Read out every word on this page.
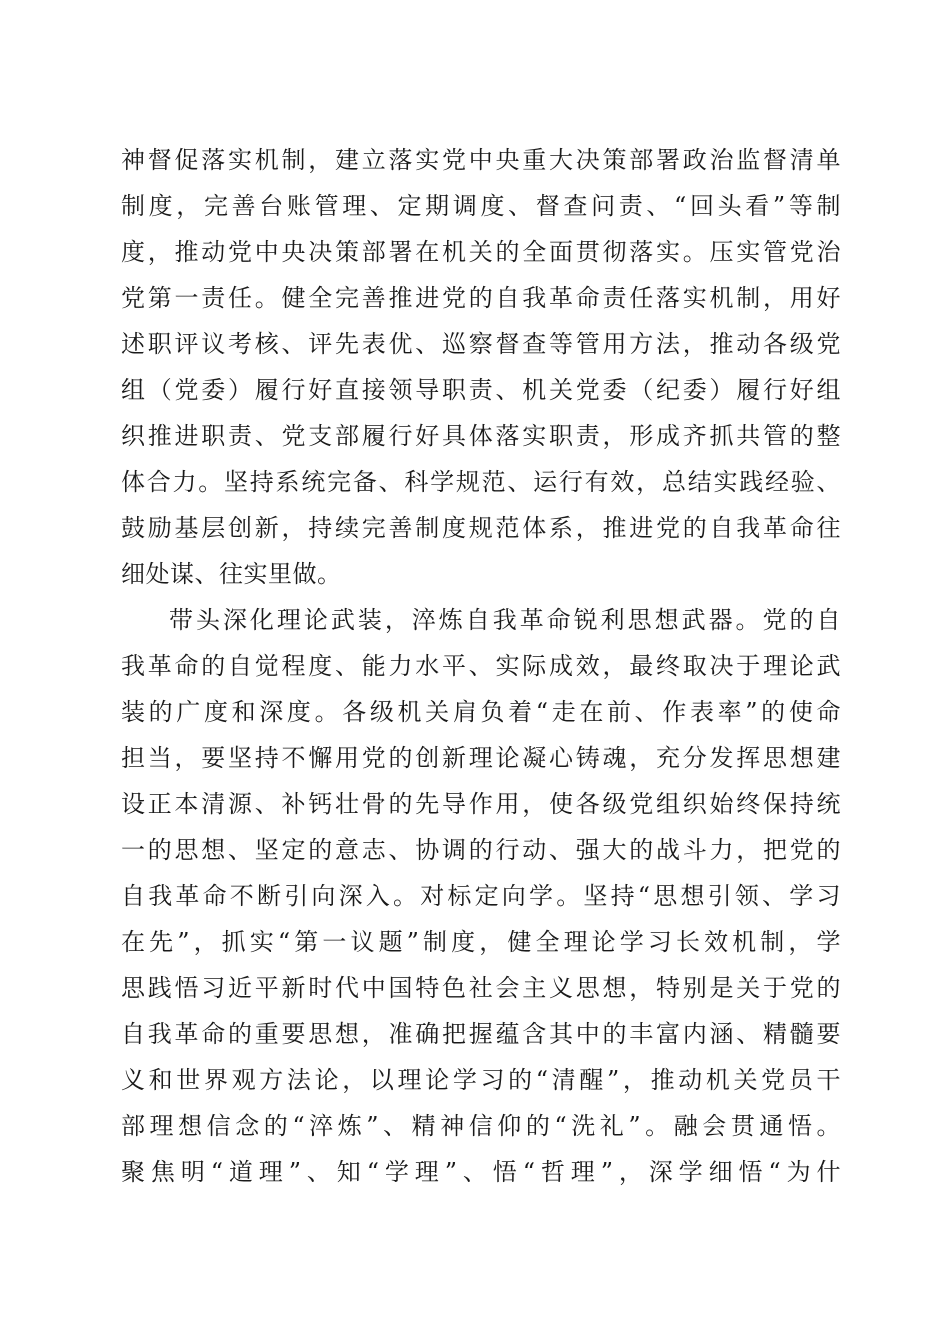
神督促落实机制，建立落实党中央重大决策部署政治监督清单
制度，完善台账管理、定期调度、督查问责、“回头看”等制
度，推动党中央决策部署在机关的全面贯彻落实。压实管党治
党第一责任。健全完善推进党的自我革命责任落实机制，用好
述职评议考核、评先表优、巡察督查等管用方法，推动各级党
组（党委）履行好直接领导职责、机关党委（纪委）履行好组
织推进职责、党支部履行好具体落实职责，形成齐抓共管的整
体合力。坚持系统完备、科学规范、运行有效，总结实践经验、
鼓励基层创新，持续完善制度规范体系，推进党的自我革命往
细处谋、往实里做。
带头深化理论武装，淬炼自我革命锐利思想武器。党的自
我革命的自觉程度、能力水平、实际成效，最终取决于理论武
装的广度和深度。各级机关肩负着“走在前、作表率”的使命
担当，要坚持不懈用党的创新理论凝心铸魂，充分发挥思想建
设正本清源、补钙壮骨的先导作用，使各级党组织始终保持统
一的思想、坚定的意志、协调的行动、强大的战斗力，把党的
自我革命不断引向深入。对标定向学。坚持“思想引领、学习
在先”，抓实“第一议题”制度，健全理论学习长效机制，学
思践悟习近平新时代中国特色社会主义思想，特别是关于党的
自我革命的重要思想，准确把握蕴含其中的丰富内涵、精髓要
义和世界观方法论，以理论学习的“清醒”，推动机关党员干
部理想信念的“淬炼”、精神信仰的“洗礼”。融会贯通悟。
聚焦明“道理”、知“学理”、悟“哲理”，深学细悟“为什
